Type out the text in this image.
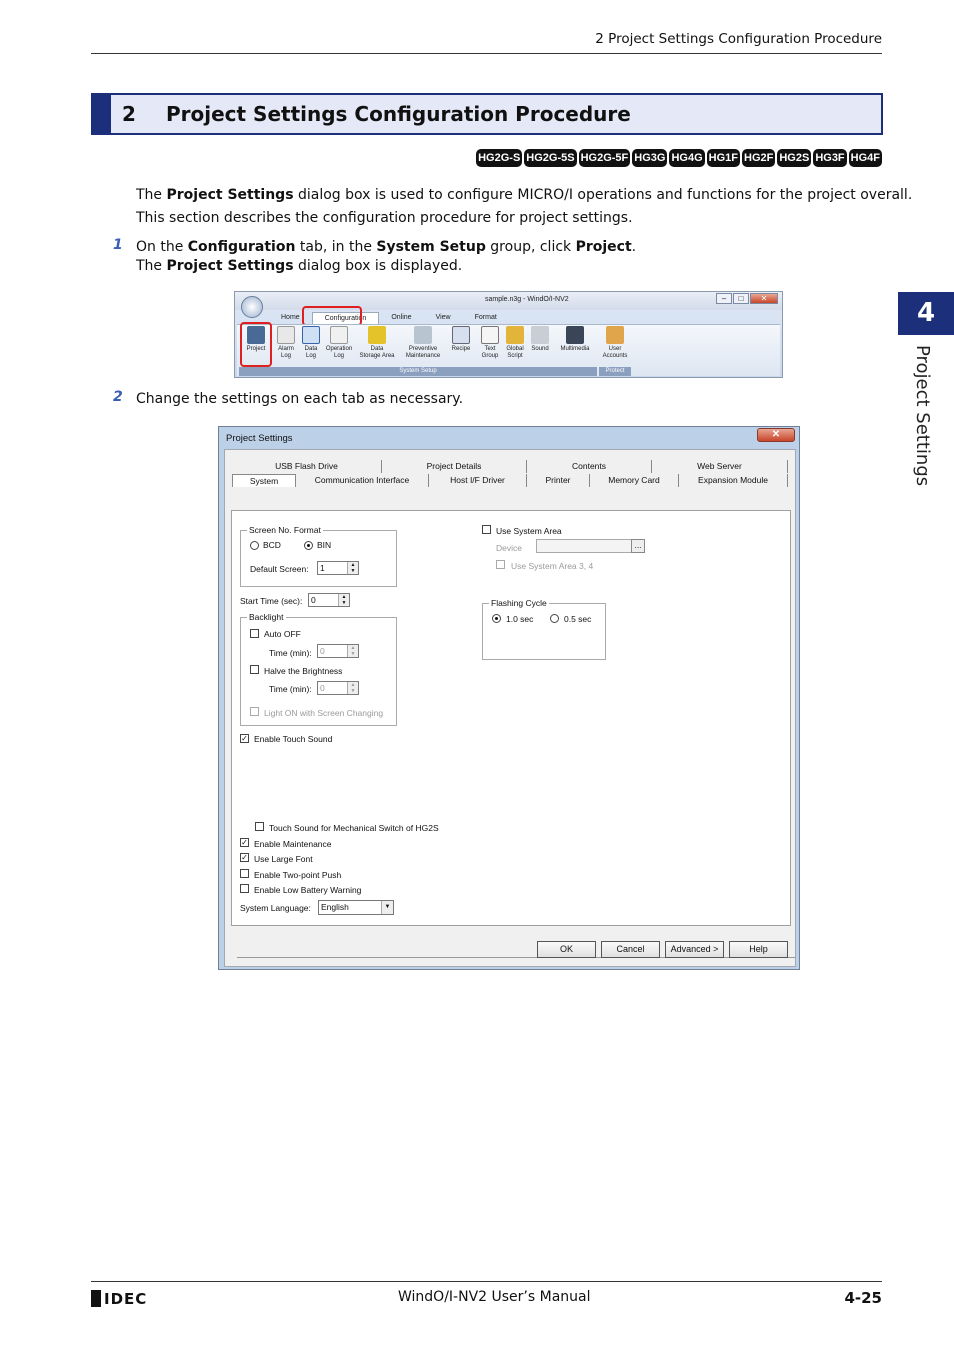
2 Project Settings Configuration Procedure
2 Project Settings Configuration Procedure
HG2G-S HG2G-5S HG2G-5F HG3G HG4G HG1F HG2F HG2S HG3F HG4F
The Project Settings dialog box is used to configure MICRO/I operations and functions for the project overall.
This section describes the configuration procedure for project settings.
1 On the Configuration tab, in the System Setup group, click Project.
The Project Settings dialog box is displayed.
sample.n3g - WindO/I-NV2	–	□	✕
Home	Configuration	Online	View	Format
Project	Alarm
Log
Data
Log
Operation
Log
Data
Storage Area
Preventive
Maintenance
Recipe	Text
Group
Global
Script
Sound	Multimedia	User
Accounts
System Setup	Protect
2 Change the settings on each tab as necessary.
Project Settings	✕
USB Flash Drive	Project Details	Contents	Web Server
System	Communication Interface	Host I/F Driver	Printer	Memory Card	Expansion Module
Screen No. Format
BCD	BIN
Default Screen:	1	▲
▼
Start Time (sec):	0	▲
▼
Backlight
Auto OFF
Time (min): 0	▲
▼
Halve the Brightness
Time (min): 0	▲
▼
Light ON with Screen Changing
✓ Enable Touch Sound
Use System Area
Device	...
Use System Area 3, 4
Flashing Cycle
1.0 sec	0.5 sec
Touch Sound for Mechanical Switch of HG2S
✓ Enable Maintenance
✓ Use Large Font
Enable Two-point Push
Enable Low Battery Warning
System Language:	English	▼
OK	Cancel	Advanced >	Help
4
Project Settings
IDEC	WindO/I-NV2 User’s Manual	4-25
